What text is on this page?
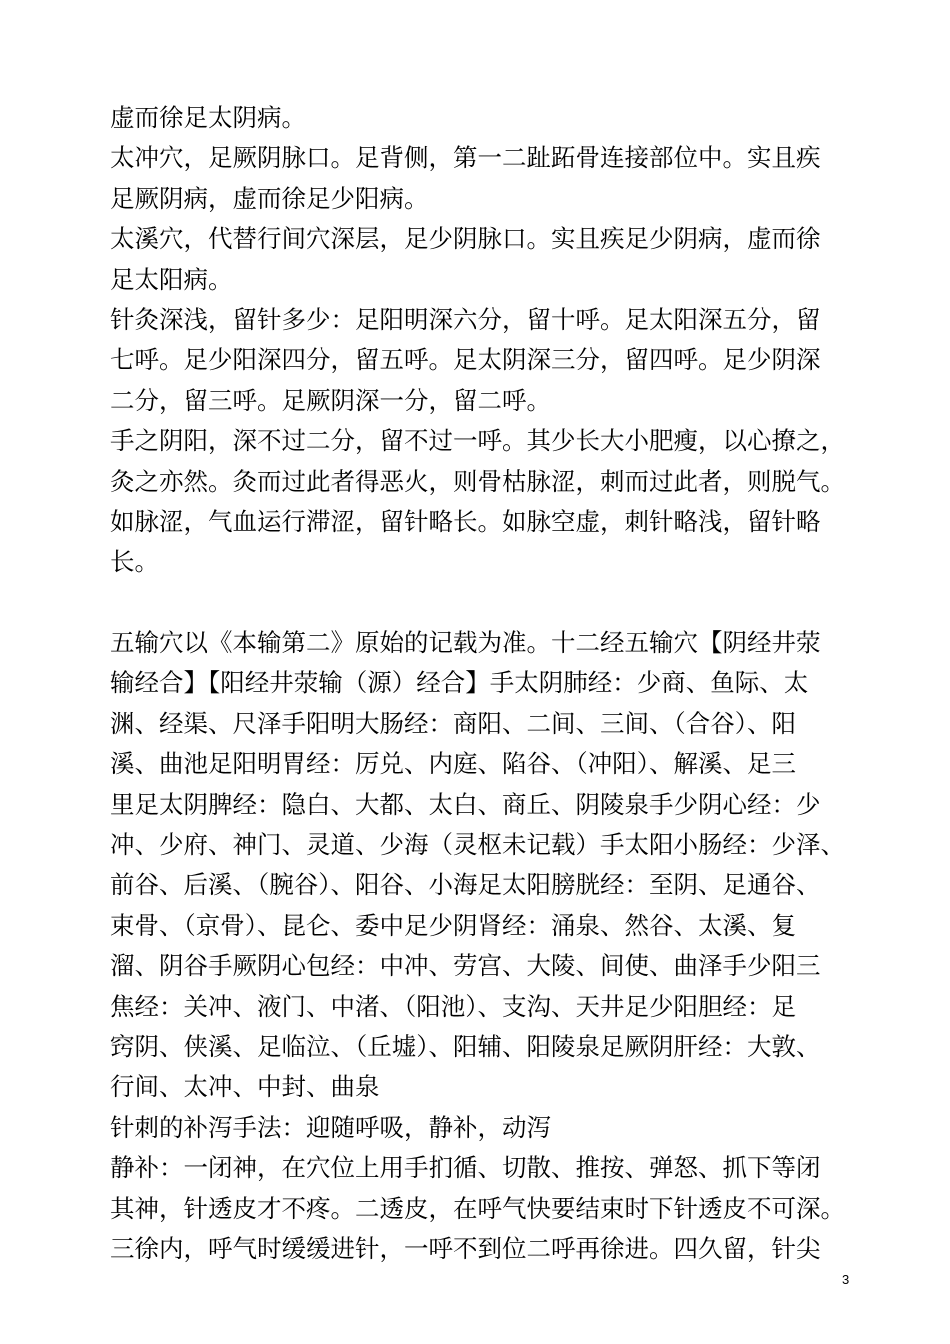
虚而徐足太阴病。
太冲穴，足厥阴脉口。足背侧，第一二趾跖骨连接部位中。实且疾
足厥阴病，虚而徐足少阳病。
太溪穴，代替行间穴深层，足少阴脉口。实且疾足少阴病，虚而徐
足太阳病。
针灸深浅，留针多少：足阳明深六分，留十呼。足太阳深五分，留
七呼。足少阳深四分，留五呼。足太阴深三分，留四呼。足少阴深
二分，留三呼。足厥阴深一分，留二呼。
手之阴阳，深不过二分，留不过一呼。其少长大小肥瘦，以心撩之，
灸之亦然。灸而过此者得恶火，则骨枯脉涩，刺而过此者，则脱气。
如脉涩，气血运行滞涩，留针略长。如脉空虚，刺针略浅，留针略
长。
五输穴以《本输第二》原始的记载为准。十二经五输穴【阴经井荥
输经合】【阳经井荥输（源）经合】手太阴肺经：少商、鱼际、太
渊、经渠、尺泽手阳明大肠经：商阳、二间、三间、（合谷）、阳
溪、曲池足阳明胃经：厉兑、内庭、陷谷、（冲阳）、解溪、足三
里足太阴脾经：隐白、大都、太白、商丘、阴陵泉手少阴心经：少
冲、少府、神门、灵道、少海（灵枢未记载）手太阳小肠经：少泽、
前谷、后溪、（腕谷）、阳谷、小海足太阳膀胱经：至阴、足通谷、
束骨、（京骨）、昆仑、委中足少阴肾经：涌泉、然谷、太溪、复
溜、阴谷手厥阴心包经：中冲、劳宫、大陵、间使、曲泽手少阳三
焦经：关冲、液门、中渚、（阳池）、支沟、天井足少阳胆经：足
窍阴、侠溪、足临泣、（丘墟）、阳辅、阳陵泉足厥阴肝经：大敦、
行间、太冲、中封、曲泉
针刺的补泻手法：迎随呼吸，静补，动泻
静补：一闭神，在穴位上用手扪循、切散、推按、弹怒、抓下等闭
其神，针透皮才不疼。二透皮，在呼气快要结束时下针透皮不可深。
三徐内，呼气时缓缓进针，一呼不到位二呼再徐进。四久留，针尖
3
